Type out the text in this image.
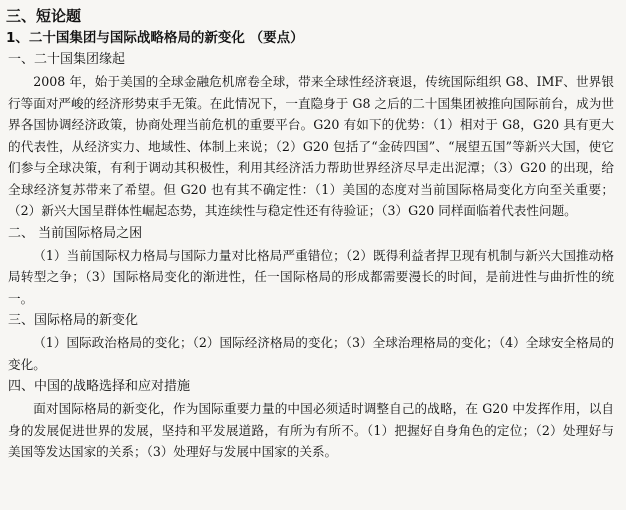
三、短论题
1、二十国集团与国际战略格局的新变化 （要点）
一、二十国集团缘起

2008 年，始于美国的全球金融危机席卷全球，带来全球性经济衰退，传统国际组织 G8、IMF、世界银行等面对严峻的经济形势束手无策。在此情况下，一直隐身于 G8 之后的二十国集团被推向国际前台，成为世界各国协调经济政策，协商处理当前危机的重要平台。G20 有如下的优势：（1）相对于 G8，G20 具有更大的代表性，从经济实力、地域性、体制上来说；（2）G20 包括了“金砖四国”、“展望五国”等新兴大国，使它们参与全球决策，有利于调动其积极性，利用其经济活力帮助世界经济尽早走出泥潭；（3）G20 的出现，给全球经济复苏带来了希望。但 G20 也有其不确定性：（1）美国的态度对当前国际格局变化方向至关重要；（2）新兴大国呈群体性崛起态势，其连续性与稳定性还有待验证；（3）G20 同样面临着代表性问题。

二、 当前国际格局之困

（1）当前国际权力格局与国际力量对比格局严重错位；（2）既得利益者捍卫现有机制与新兴大国推动格局转型之争；（3）国际格局变化的渐进性，任一国际格局的形成都需要漫长的时间，是前进性与曲折性的统一。

三、国际格局的新变化

（1）国际政治格局的变化；（2）国际经济格局的变化；（3）全球治理格局的变化；（4）全球安全格局的变化。

四、中国的战略选择和应对措施

面对国际格局的新变化，作为国际重要力量的中国必须适时调整自己的战略，在 G20 中发挥作用，以自身的发展促进世界的发展，坚持和平发展道路，有所为有所不。（1）把握好自身角色的定位；（2）处理好与美国等发达国家的关系；（3）处理好与发展中国家的关系。
